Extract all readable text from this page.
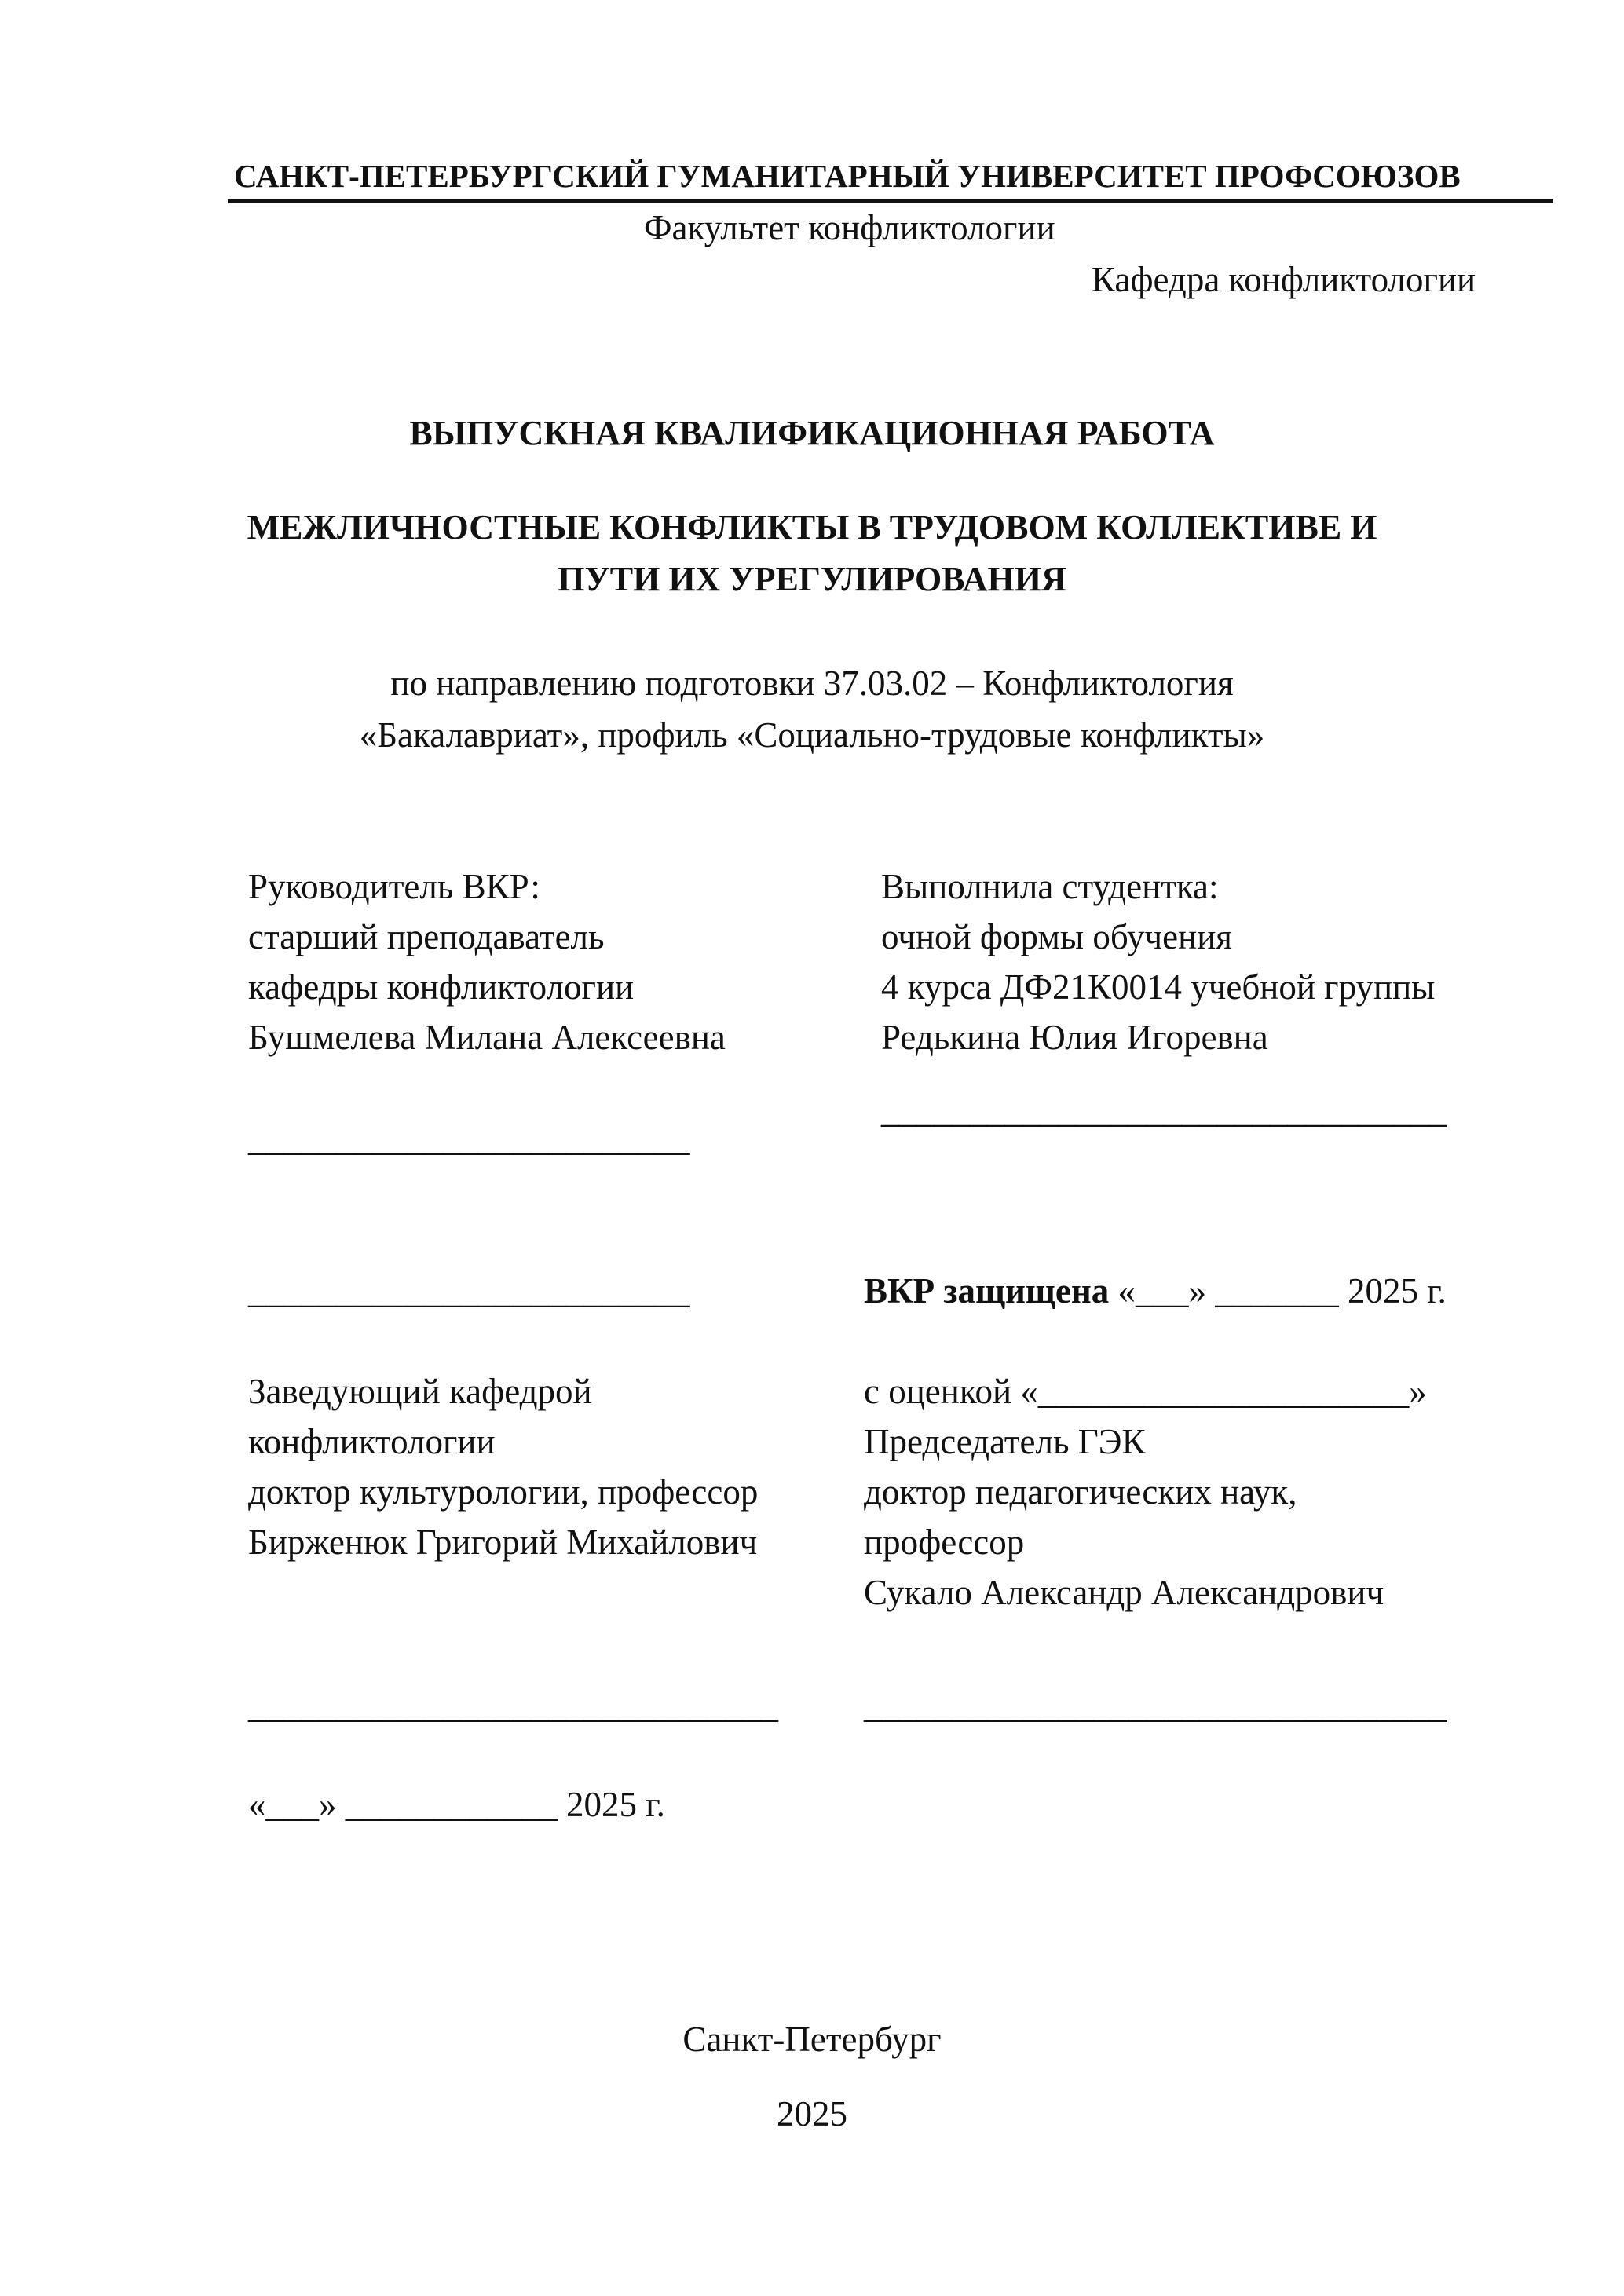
САНКТ-ПЕТЕРБУРГСКИЙ ГУМАНИТАРНЫЙ УНИВЕРСИТЕТ ПРОФСОЮЗОВ
Факультет конфликтологии
Кафедра конфликтологии
ВЫПУСКНАЯ КВАЛИФИКАЦИОННАЯ РАБОТА
МЕЖЛИЧНОСТНЫЕ КОНФЛИКТЫ В ТРУДОВОМ КОЛЛЕКТИВЕ И
ПУТИ ИХ УРЕГУЛИРОВАНИЯ
по направлению подготовки 37.03.02 – Конфликтология
«Бакалавриат», профиль «Социально-трудовые конфликты»
Руководитель ВКР:
старший преподаватель
кафедры конфликтологии
Бушмелева Милана Алексеевна
_________________________
Выполнила студентка:
очной формы обучения
4 курса ДФ21К0014 учебной группы
Редькина Юлия Игоревна
________________________________
_________________________	ВКР защищена «___» _______ 2025 г.
Заведующий кафедрой
конфликтологии
доктор культурологии, профессор
Бирженюк Григорий Михайлович
______________________________
с оценкой «_____________________»
Председатель ГЭК
доктор педагогических наук,
профессор
Сукало Александр Александрович
_________________________________
«___» ____________ 2025 г.
Санкт-Петербург
2025
